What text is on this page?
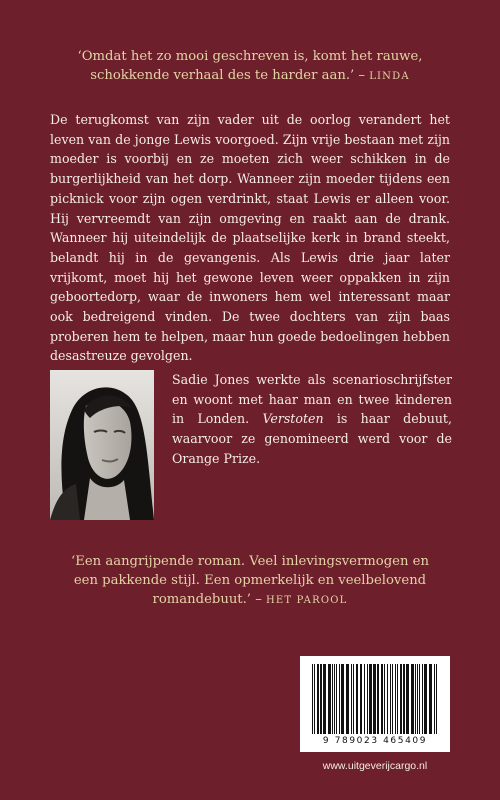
‘Omdat het zo mooi geschreven is, komt het rauwe, schokkende verhaal des te harder aan.’ – LINDA

De terugkomst van zijn vader uit de oorlog verandert het leven van de jonge Lewis voorgoed. Zijn vrije bestaan met zijn moeder is voorbij en ze moeten zich weer schikken in de burgerlijkheid van het dorp. Wanneer zijn moeder tijdens een picknick voor zijn ogen verdrinkt, staat Lewis er alleen voor. Hij vervreemdt van zijn omgeving en raakt aan de drank. Wanneer hij uiteindelijk de plaatselijke kerk in brand steekt, belandt hij in de gevangenis. Als Lewis drie jaar later vrijkomt, moet hij het gewone leven weer oppakken in zijn geboortedorp, waar de inwoners hem wel interessant maar ook bedreigend vinden. De twee dochters van zijn baas proberen hem te helpen, maar hun goede bedoelingen hebben desastreuze gevolgen.

Sadie Jones werkte als scenarioschrijfster en woont met haar man en twee kinderen in Londen. Verstoten is haar debuut, waarvoor ze genomineerd werd voor de Orange Prize.

‘Een aangrijpende roman. Veel inlevingsvermogen en een pakkende stijl. Een opmerkelijk en veelbelovend romandebuut.’ – HET PAROOL

9 789023 465409
www.uitgeverijcargo.nl
